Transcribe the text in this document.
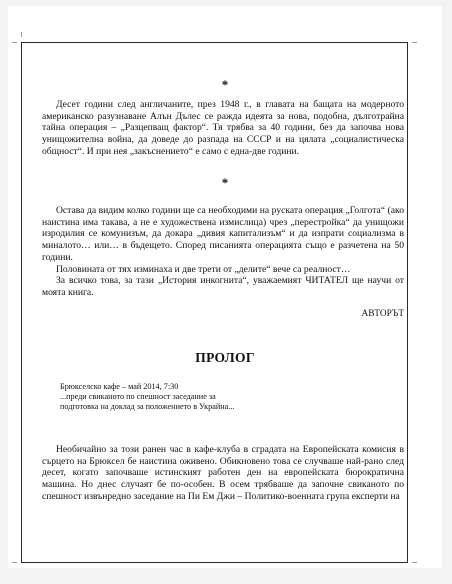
*

Десет години след англичаните, през 1948 г., в главата на бащата на модерното американско разузнаване Алън Дълес се ражда идеята за нова, подобна, дълготрайна тайна операция – „Разцепващ фактор“. Тя трябва за 40 години, без да започва нова унищожителна война, да доведе до разпада на СССР и на цялата „социалистическа общност“. И при нея „закъснението“ е само с една-две години.

*

Остава да видим колко години ще са необходими на руската операция „Голгота“ (ако наистина има такава, а не е художествена измислица) чрез „перестройка“ да унищожи изродилия се комунизъм, да докара „дивия капитализъм“ и да изпрати социализма в миналото… или… в бъдещето. Според писанията операцията също е разчетена на 50 години.

Половината от тях изминаха и две трети от „делите“ вече са реалност…

За всичко това, за тази „История инкогнита“, уважаемият ЧИТАТЕЛ ще научи от моята книга.

АВТОРЪТ
ПРОЛОГ
Брюкселско кафе – май 2014, 7:30
...преди свиканото по спешност заседание за
подготовка на доклад за положението в Украйна...

Необичайно за този ранен час в кафе-клуба в сградата на Европейската комисия в сърцето на Брюксел бе наистина оживено. Обикновено това се случваше най-рано след десет, когато започваше истинският работен ден на европейската бюрократична машина. Но днес случаят бе по-особен. В осем трябваше да започне свиканото по спешност извънредно заседание на Пи Ем Джи – Политико-военната група експерти на
